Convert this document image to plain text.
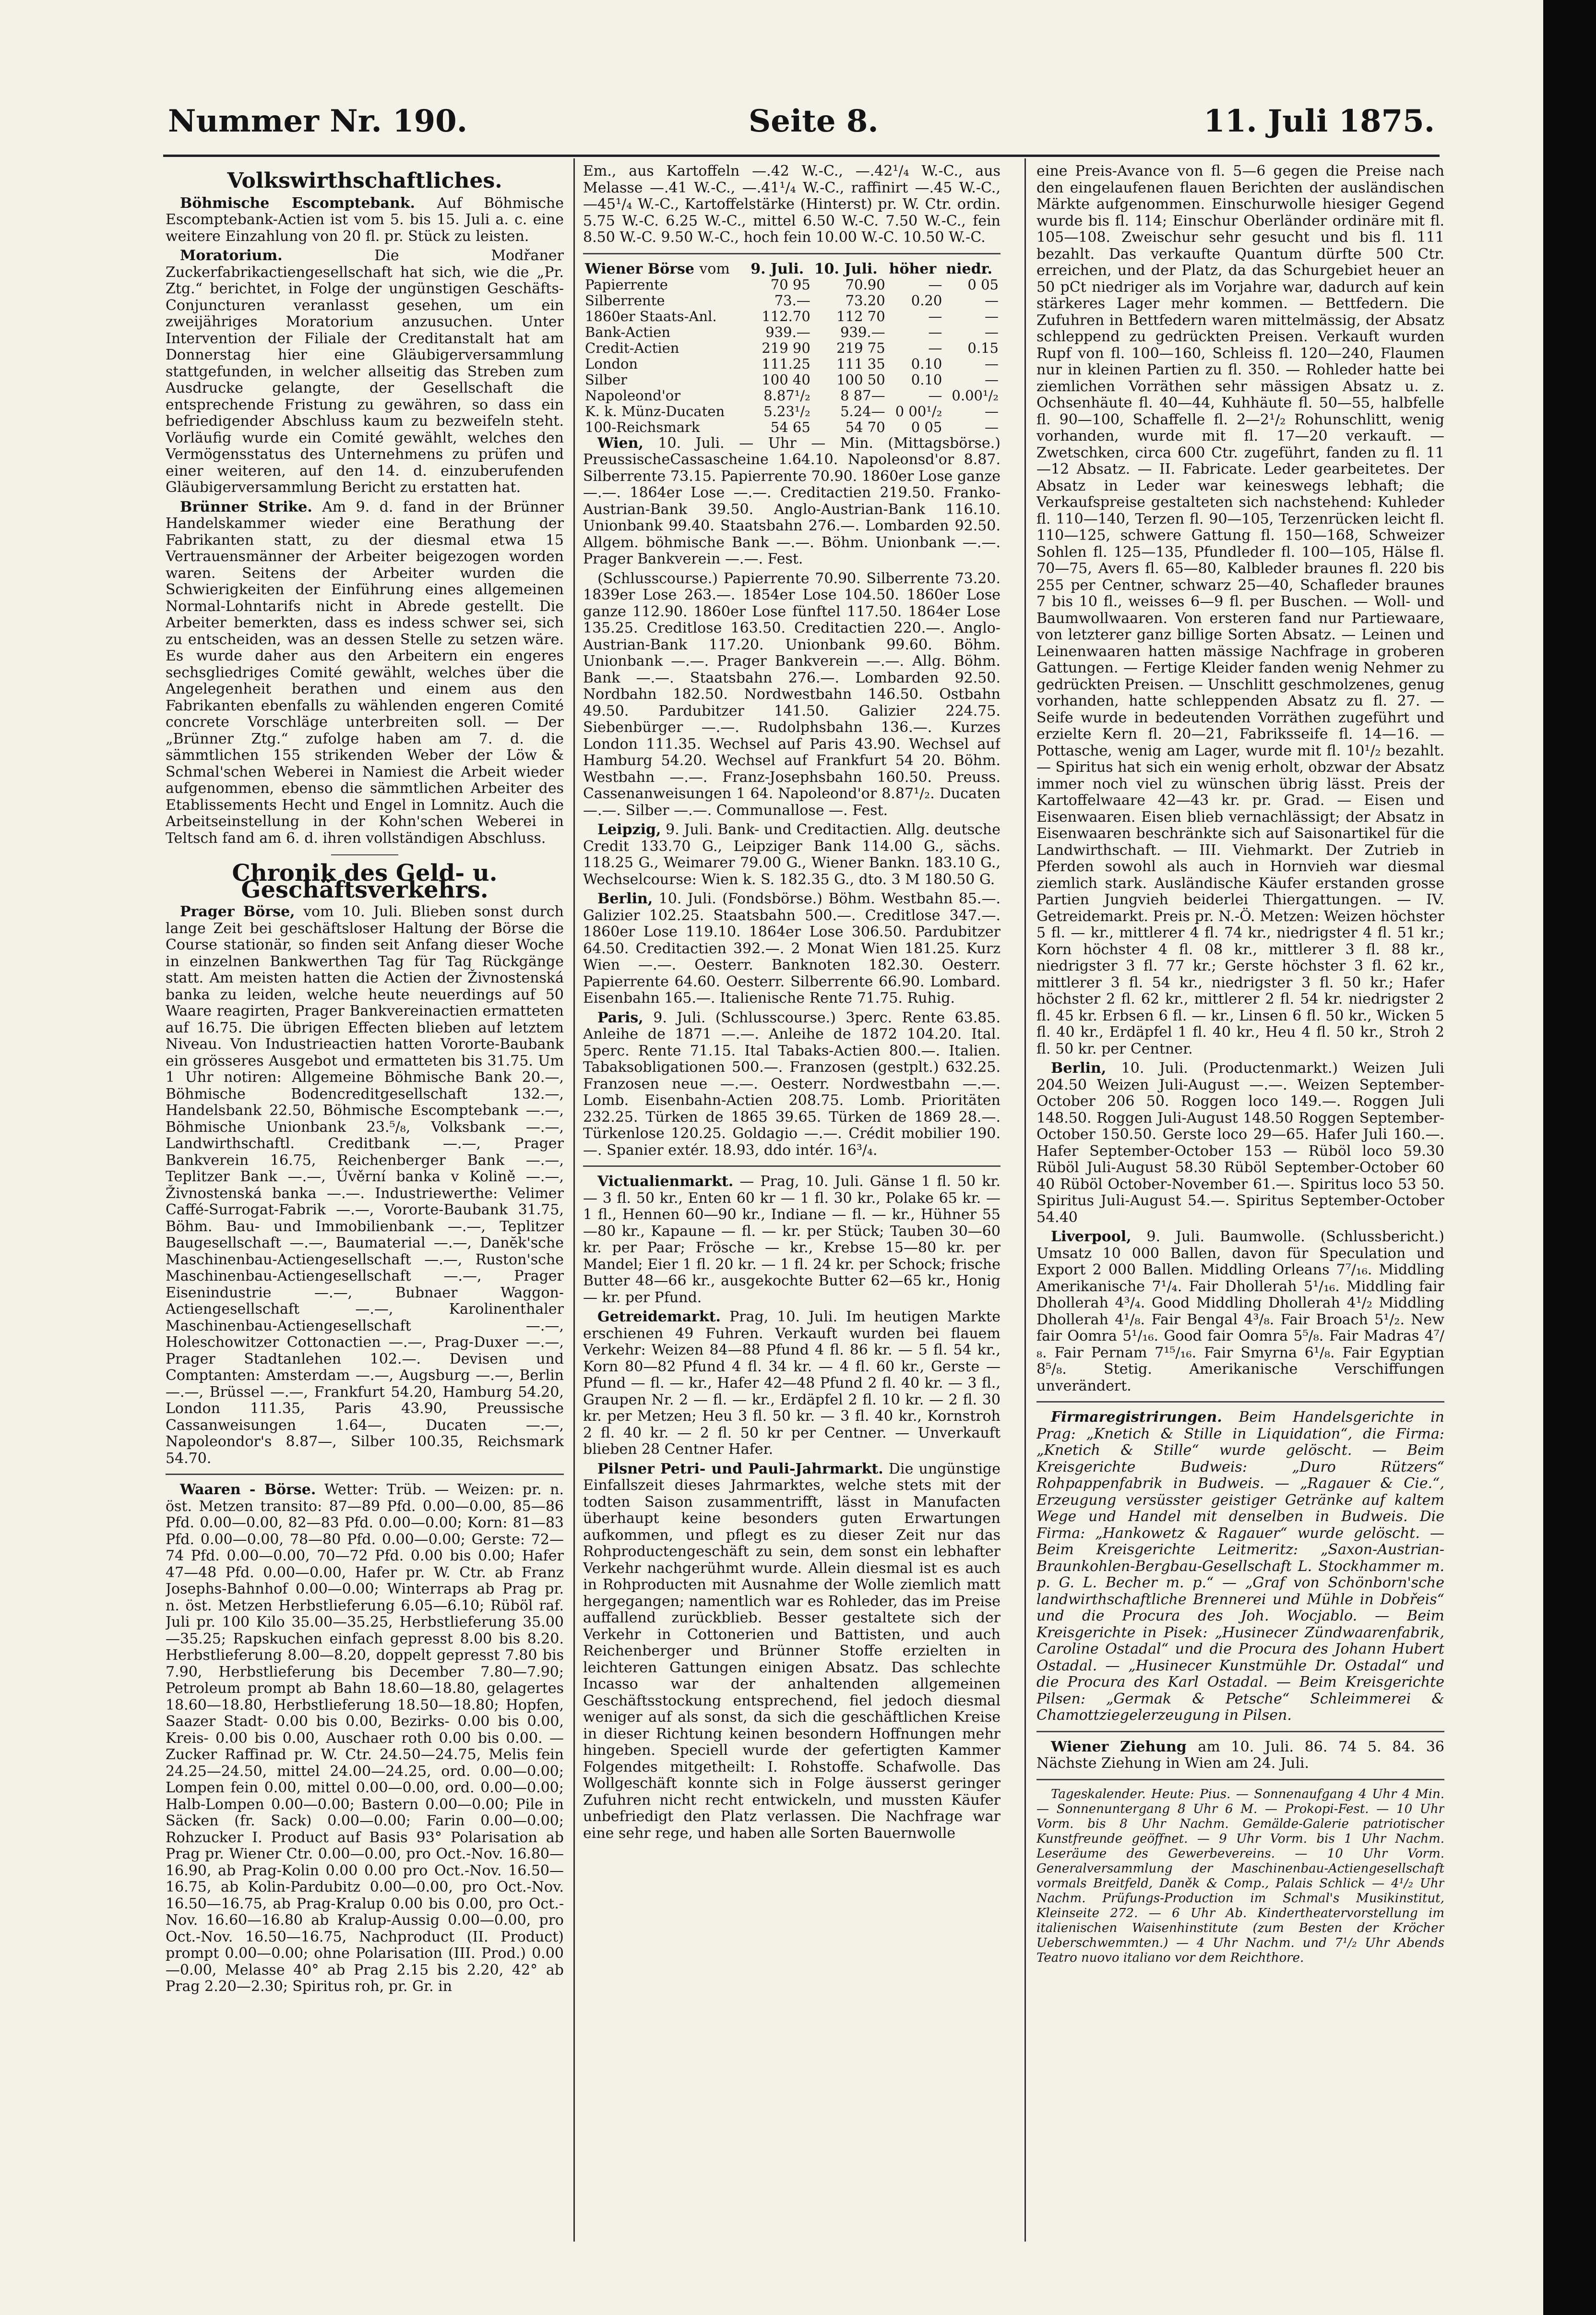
Nummer Nr. 190.	Seite 8.	11. Juli 1875.
Volkswirthschaftliches.

Böhmische Escomptebank. Auf Böhmische Escomptebank-Actien ist vom 5. bis 15. Juli a. c. eine weitere Einzahlung von 20 fl. pr. Stück zu leisten.

Moratorium.	Die Modřaner Zuckerfabrikactiengesellschaft hat sich, wie die „Pr. Ztg.“ berichtet, in Folge der ungünstigen Geschäfts-Conjuncturen veranlasst gesehen, um ein zweijähriges Moratorium anzusuchen. Unter Intervention der Filiale der Creditanstalt hat am Donnerstag hier eine Gläubigerversammlung stattgefunden, in welcher allseitig das Streben zum Ausdrucke gelangte, der Gesellschaft die entsprechende Fristung zu gewähren, so dass ein befriedigender Abschluss kaum zu bezweifeln steht. Vorläufig wurde ein Comité gewählt, welches den Vermögensstatus des Unternehmens zu prüfen und einer weiteren, auf den 14. d. einzuberufenden Gläubigerversammlung Bericht zu erstatten hat.

Brünner Strike. Am 9. d. fand in der Brünner Handelskammer wieder eine Berathung der Fabrikanten statt, zu der diesmal etwa 15 Vertrauensmänner der Arbeiter beigezogen worden waren. Seitens der Arbeiter wurden die Schwierigkeiten der Einführung eines allgemeinen Normal-Lohntarifs nicht in Abrede gestellt. Die Arbeiter bemerkten, dass es indess schwer sei, sich zu entscheiden, was an dessen Stelle zu setzen wäre. Es wurde daher aus den Arbeitern ein engeres sechsgliedriges Comité gewählt, welches über die Angelegenheit berathen und einem aus den Fabrikanten ebenfalls zu wählenden engeren Comité concrete Vorschläge unterbreiten soll. — Der „Brünner Ztg.“ zufolge haben am 7. d. die sämmtlichen 155 strikenden Weber der Löw & Schmal'schen Weberei in Namiest die Arbeit wieder aufgenommen, ebenso die sämmtlichen Arbeiter des Etablissements Hecht und Engel in Lomnitz. Auch die Arbeitseinstellung in der Kohn'schen Weberei in Teltsch fand am 6. d. ihren vollständigen Abschluss.

Chronik des Geld- u. Geschäftsverkehrs.

Prager Börse, vom 10. Juli. Blieben sonst durch lange Zeit bei geschäftsloser Haltung der Börse die Course stationär, so finden seit Anfang dieser Woche in einzelnen Bankwerthen Tag für Tag Rückgänge statt. Am meisten hatten die Actien der Živnostenská banka zu leiden, welche heute neuerdings auf 50 Waare reagirten, Prager Bankvereinactien ermatteten auf 16.75. Die übrigen Effecten blieben auf letztem Niveau. Von Industrieactien hatten Vororte-Baubank ein grösseres Ausgebot und ermatteten bis 31.75. Um 1 Uhr notiren: Allgemeine Böhmische Bank 20.—, Böhmische Bodencreditgesellschaft 132.—, Handelsbank 22.50, Böhmische Escomptebank —.—, Böhmische Unionbank 23.⁵/₈, Volksbank —.—, Landwirthschaftl. Creditbank —.—, Prager Bankverein 16.75, Reichenberger Bank —.—, Teplitzer Bank —.—, Úvěrní banka v Kolině —.—, Živnostenská banka —.—. Industriewerthe: Velimer Caffé-Surrogat-Fabrik —.—, Vororte-Baubank 31.75, Böhm. Bau- und Immobilienbank —.—, Teplitzer Baugesellschaft —.—, Baumaterial —.—, Danĕk'sche Maschinenbau-Actiengesellschaft —.—, Ruston'sche Maschinenbau-Actiengesellschaft —.—, Prager Eisenindustrie —.—, Bubnaer Waggon-Actiengesellschaft —.—, Karolinenthaler Maschinenbau-Actiengesellschaft —.—, Holeschowitzer Cottonactien —.—, Prag-Duxer —.—, Prager Stadtanlehen 102.—. Devisen und Comptanten: Amsterdam —.—, Augsburg —.—, Berlin —.—, Brüssel —.—, Frankfurt 54.20, Hamburg 54.20, London 111.35, Paris 43.90, Preussische Cassanweisungen 1.64—, Ducaten —.—, Napoleondor's 8.87—, Silber 100.35, Reichsmark 54.70.

Waaren - Börse. Wetter: Trüb. — Weizen: pr. n. öst. Metzen transito: 87—89 Pfd. 0.00—0.00, 85—86 Pfd. 0.00—0.00, 82—83 Pfd. 0.00—0.00; Korn: 81—83 Pfd. 0.00—0.00, 78—80 Pfd. 0.00—0.00; Gerste: 72—74 Pfd. 0.00—0.00, 70—72 Pfd. 0.00 bis 0.00; Hafer 47—48 Pfd. 0.00—0.00, Hafer pr. W. Ctr. ab Franz Josephs-Bahnhof 0.00—0.00; Winterraps ab Prag pr. n. öst. Metzen Herbstlieferung 6.05—6.10; Rüböl raf. Juli pr. 100 Kilo 35.00—35.25, Herbstlieferung 35.00—35.25; Rapskuchen einfach gepresst 8.00 bis 8.20. Herbstlieferung 8.00—8.20, doppelt gepresst 7.80 bis 7.90, Herbstlieferung bis December 7.80—7.90; Petroleum prompt ab Bahn 18.60—18.80, gelagertes 18.60—18.80, Herbstlieferung 18.50—18.80; Hopfen, Saazer Stadt- 0.00 bis 0.00, Bezirks- 0.00 bis 0.00, Kreis- 0.00 bis 0.00, Auschaer roth 0.00 bis 0.00. — Zucker Raffinad pr. W. Ctr. 24.50—24.75, Melis fein 24.25—24.50, mittel 24.00—24.25, ord. 0.00—0.00; Lompen fein 0.00, mittel 0.00—0.00, ord. 0.00—0.00; Halb-Lompen 0.00—0.00; Bastern 0.00—0.00; Pile in Säcken (fr. Sack) 0.00—0.00; Farin 0.00—0.00; Rohzucker I. Product auf Basis 93° Polarisation ab Prag pr. Wiener Ctr. 0.00—0.00, pro Oct.-Nov. 16.80—16.90, ab Prag-Kolin 0.00 0.00 pro Oct.-Nov. 16.50—16.75, ab Kolin-Pardubitz 0.00—0.00, pro Oct.-Nov. 16.50—16.75, ab Prag-Kralup 0.00 bis 0.00, pro Oct.-Nov. 16.60—16.80 ab Kralup-Aussig 0.00—0.00, pro Oct.-Nov. 16.50—16.75, Nachproduct (II. Product) prompt 0.00—0.00; ohne Polarisation (III. Prod.) 0.00—0.00, Melasse 40° ab Prag 2.15 bis 2.20, 42° ab Prag 2.20—2.30; Spiritus roh, pr. Gr. in

Em., aus Kartoffeln —.42 W.-C., —.42¹/₄ W.-C., aus Melasse —.41 W.-C., —.41¹/₄ W.-C., raffinirt —.45 W.-C., —45¹/₄ W.-C., Kartoffelstärke (Hinterst) pr. W. Ctr. ordin. 5.75 W.-C. 6.25 W.-C., mittel 6.50 W.-C. 7.50 W.-C., fein 8.50 W.-C. 9.50 W.-C., hoch fein 10.00 W.-C. 10.50 W.-C.

Wiener Börse vom	9. Juli.	10. Juli.	höher	niedr.
Papierrente	70 95	70.90	—	0 05
Silberrente	73.—	73.20	0.20	—
1860er Staats-Anl.	112.70	112 70	—	—
Bank-Actien	939.—	939.—	—	—
Credit-Actien	219 90	219 75	—	0.15
London	111.25	111 35	0.10	—
Silber	100 40	100 50	0.10	—
Napoleond'or	8.87¹/₂	8 87—	—	0.00¹/₂
K. k. Münz-Ducaten	5.23¹/₂	5.24—	0 00¹/₂	—
100-Reichsmark	54 65	54 70	0 05	—

Wien, 10. Juli. — Uhr — Min. (Mittagsbörse.) PreussischeCassascheine 1.64.10. Napoleonsd'or 8.87. Silberrente 73.15. Papierrente 70.90. 1860er Lose ganze —.—. 1864er Lose —.—. Creditactien 219.50. Franko-Austrian-Bank 39.50. Anglo-Austrian-Bank 116.10. Unionbank 99.40. Staatsbahn 276.—. Lombarden 92.50. Allgem. böhmische Bank —.—. Böhm. Unionbank —.—. Prager Bankverein —.—. Fest.

(Schlusscourse.) Papierrente 70.90. Silberrente 73.20. 1839er Lose 263.—. 1854er Lose 104.50. 1860er Lose ganze 112.90. 1860er Lose fünftel 117.50. 1864er Lose 135.25. Creditlose 163.50. Creditactien 220.—. Anglo-Austrian-Bank 117.20. Unionbank 99.60. Böhm. Unionbank —.—. Prager Bankverein —.—. Allg. Böhm. Bank —.—. Staatsbahn 276.—. Lombarden 92.50. Nordbahn 182.50. Nordwestbahn 146.50. Ostbahn 49.50. Pardubitzer 141.50. Galizier 224.75. Siebenbürger —.—. Rudolphsbahn 136.—. Kurzes London 111.35. Wechsel auf Paris 43.90. Wechsel auf Hamburg 54.20. Wechsel auf Frankfurt 54 20. Böhm. Westbahn —.—. Franz-Josephsbahn 160.50. Preuss. Cassenanweisungen 1 64. Napoleond'or 8.87¹/₂. Ducaten —.—. Silber —.—. Communallose —. Fest.

Leipzig, 9. Juli. Bank- und Creditactien. Allg. deutsche Credit 133.70 G., Leipziger Bank 114.00 G., sächs. 118.25 G., Weimarer 79.00 G., Wiener Bankn. 183.10 G., Wechselcourse: Wien k. S. 182.35 G., dto. 3 M 180.50 G.

Berlin, 10. Juli. (Fondsbörse.) Böhm. Westbahn 85.—. Galizier 102.25. Staatsbahn 500.—. Creditlose 347.—. 1860er Lose 119.10. 1864er Lose 306.50. Pardubitzer 64.50. Creditactien 392.—. 2 Monat Wien 181.25. Kurz Wien —.—. Oesterr. Banknoten 182.30. Oesterr. Papierrente 64.60. Oesterr. Silberrente 66.90. Lombard. Eisenbahn 165.—. Italienische Rente 71.75. Ruhig.

Paris, 9. Juli. (Schlusscourse.) 3perc. Rente 63.85. Anleihe de 1871 —.—. Anleihe de 1872 104.20. Ital. 5perc. Rente 71.15. Ital Tabaks-Actien 800.—. Italien. Tabaksobligationen 500.—. Franzosen (gestplt.) 632.25. Franzosen neue —.—. Oesterr. Nordwestbahn —.—. Lomb. Eisenbahn-Actien 208.75. Lomb. Prioritäten 232.25. Türken de 1865 39.65. Türken de 1869 28.—. Türkenlose 120.25. Goldagio —.—. Crédit mobilier 190.—. Spanier extér. 18.93, ddo intér. 16³/₄.

Victualienmarkt. — Prag, 10. Juli. Gänse 1 fl. 50 kr. — 3 fl. 50 kr., Enten 60 kr — 1 fl. 30 kr., Polake 65 kr. — 1 fl., Hennen 60—90 kr., Indiane — fl. — kr., Hühner 55—80 kr., Kapaune — fl. — kr. per Stück; Tauben 30—60 kr. per Paar; Frösche — kr., Krebse 15—80 kr. per Mandel; Eier 1 fl. 20 kr. — 1 fl. 24 kr. per Schock; frische Butter 48—66 kr., ausgekochte Butter 62—65 kr., Honig — kr. per Pfund.

Getreidemarkt. Prag, 10. Juli. Im heutigen Markte erschienen 49 Fuhren. Verkauft wurden bei flauem Verkehr: Weizen 84—88 Pfund 4 fl. 86 kr. — 5 fl. 54 kr., Korn 80—82 Pfund 4 fl. 34 kr. — 4 fl. 60 kr., Gerste — Pfund — fl. — kr., Hafer 42—48 Pfund 2 fl. 40 kr. — 3 fl., Graupen Nr. 2 — fl. — kr., Erdäpfel 2 fl. 10 kr. — 2 fl. 30 kr. per Metzen; Heu 3 fl. 50 kr. — 3 fl. 40 kr., Kornstroh 2 fl. 40 kr. — 2 fl. 50 kr per Centner. — Unverkauft blieben 28 Centner Hafer.

Pilsner Petri- und Pauli-Jahrmarkt. Die ungünstige Einfallszeit dieses Jahrmarktes, welche stets mit der todten Saison zusammentrifft, lässt in Manufacten überhaupt keine besonders guten Erwartungen aufkommen, und pflegt es zu dieser Zeit nur das Rohproductengeschäft zu sein, dem sonst ein lebhafter Verkehr nachgerühmt wurde. Allein diesmal ist es auch in Rohproducten mit Ausnahme der Wolle ziemlich matt hergegangen; namentlich war es Rohleder, das im Preise auffallend zurückblieb. Besser gestaltete sich der Verkehr in Cottonerien und Battisten, und auch Reichenberger und Brünner Stoffe erzielten in leichteren Gattungen einigen Absatz. Das schlechte Incasso war der anhaltenden allgemeinen Geschäftsstockung entsprechend, fiel jedoch diesmal weniger auf als sonst, da sich die geschäftlichen Kreise in dieser Richtung keinen besondern Hoffnungen mehr hingeben. Speciell wurde der gefertigten Kammer Folgendes mitgetheilt: I. Rohstoffe. Schafwolle. Das Wollgeschäft konnte sich in Folge äusserst geringer Zufuhren nicht recht entwickeln, und mussten Käufer unbefriedigt den Platz verlassen. Die Nachfrage war eine sehr rege, und haben alle Sorten Bauernwolle

eine Preis-Avance von fl. 5—6 gegen die Preise nach den eingelaufenen flauen Berichten der ausländischen Märkte aufgenommen. Einschurwolle hiesiger Gegend wurde bis fl. 114; Einschur Oberländer ordinäre mit fl. 105—108. Zweischur sehr gesucht und bis fl. 111 bezahlt. Das verkaufte Quantum dürfte 500 Ctr. erreichen, und der Platz, da das Schurgebiet heuer an 50 pCt niedriger als im Vorjahre war, dadurch auf kein stärkeres Lager mehr kommen. — Bettfedern. Die Zufuhren in Bettfedern waren mittelmässig, der Absatz schleppend zu gedrückten Preisen. Verkauft wurden Rupf von fl. 100—160, Schleiss fl. 120—240, Flaumen nur in kleinen Partien zu fl. 350. — Rohleder hatte bei ziemlichen Vorräthen sehr mässigen Absatz u. z. Ochsenhäute fl. 40—44, Kuhhäute fl. 50—55, halbfelle fl. 90—100, Schaffelle fl. 2—2¹/₂ Rohunschlitt, wenig vorhanden, wurde mit fl. 17—20 verkauft. — Zwetschken, circa 600 Ctr. zugeführt, fanden zu fl. 11—12 Absatz. — II. Fabricate. Leder gearbeitetes. Der Absatz in Leder war keineswegs lebhaft; die Verkaufspreise gestalteten sich nachstehend: Kuhleder fl. 110—140, Terzen fl. 90—105, Terzenrücken leicht fl. 110—125, schwere Gattung fl. 150—168, Schweizer Sohlen fl. 125—135, Pfundleder fl. 100—105, Hälse fl. 70—75, Avers fl. 65—80, Kalbleder braunes fl. 220 bis 255 per Centner, schwarz 25—40, Schafleder braunes 7 bis 10 fl., weisses 6—9 fl. per Buschen. — Woll- und Baumwollwaaren. Von ersteren fand nur Partiewaare, von letzterer ganz billige Sorten Absatz. — Leinen und Leinenwaaren hatten mässige Nachfrage in groberen Gattungen. — Fertige Kleider fanden wenig Nehmer zu gedrückten Preisen. — Unschlitt geschmolzenes, genug vorhanden, hatte schleppenden Absatz zu fl. 27. — Seife wurde in bedeutenden Vorräthen zugeführt und erzielte Kern fl. 20—21, Fabriksseife fl. 14—16. — Pottasche, wenig am Lager, wurde mit fl. 10¹/₂ bezahlt. — Spiritus hat sich ein wenig erholt, obzwar der Absatz immer noch viel zu wünschen übrig lässt. Preis der Kartoffelwaare 42—43 kr. pr. Grad. — Eisen und Eisenwaaren. Eisen blieb vernachlässigt; der Absatz in Eisenwaaren beschränkte sich auf Saisonartikel für die Landwirthschaft. — III. Viehmarkt. Der Zutrieb in Pferden sowohl als auch in Hornvieh war diesmal ziemlich stark. Ausländische Käufer erstanden grosse Partien Jungvieh beiderlei Thiergattungen. — IV. Getreidemarkt. Preis pr. N.-Ö. Metzen: Weizen höchster 5 fl. — kr., mittlerer 4 fl. 74 kr., niedrigster 4 fl. 51 kr.; Korn höchster 4 fl. 08 kr., mittlerer 3 fl. 88 kr., niedrigster 3 fl. 77 kr.; Gerste höchster 3 fl. 62 kr., mittlerer 3 fl. 54 kr., niedrigster 3 fl. 50 kr.; Hafer höchster 2 fl. 62 kr., mittlerer 2 fl. 54 kr. niedrigster 2 fl. 45 kr. Erbsen 6 fl. — kr., Linsen 6 fl. 50 kr., Wicken 5 fl. 40 kr., Erdäpfel 1 fl. 40 kr., Heu 4 fl. 50 kr., Stroh 2 fl. 50 kr. per Centner.

Berlin, 10. Juli. (Productenmarkt.) Weizen Juli 204.50 Weizen Juli-August —.—. Weizen September-October 206 50. Roggen loco 149.—. Roggen Juli 148.50. Roggen Juli-August 148.50 Roggen September-October 150.50. Gerste loco 29—65. Hafer Juli 160.—. Hafer September-October 153 — Rüböl loco 59.30 Rüböl Juli-August 58.30 Rüböl September-October 60 40 Rüböl October-November 61.—. Spiritus loco 53 50. Spiritus Juli-August 54.—. Spiritus September-October 54.40

Liverpool, 9. Juli. Baumwolle. (Schlussbericht.) Umsatz 10 000 Ballen, davon für Speculation und Export 2 000 Ballen. Middling Orleans 7⁷/₁₆. Middling Amerikanische 7¹/₄. Fair Dhollerah 5¹/₁₆. Middling fair Dhollerah 4³/₄. Good Middling Dhollerah 4¹/₂ Middling Dhollerah 4¹/₈. Fair Bengal 4³/₈. Fair Broach 5¹/₂. New fair Oomra 5¹/₁₆. Good fair Oomra 5⁵/₈. Fair Madras 4⁷/₈. Fair Pernam 7¹⁵/₁₆. Fair Smyrna 6¹/₈. Fair Egyptian 8⁵/₈. Stetig. Amerikanische Verschiffungen unverändert.

Firmaregistrirungen. Beim Handelsgerichte in Prag: „Knetich & Stille in Liquidation“, die Firma: „Knetich & Stille“ wurde gelöscht. — Beim Kreisgerichte Budweis: „Duro Rützers“ Rohpappenfabrik in Budweis. — „Ragauer & Cie.“, Erzeugung versüsster geistiger Getränke auf kaltem Wege und Handel mit denselben in Budweis. Die Firma: „Hankowetz & Ragauer“ wurde gelöscht. — Beim Kreisgerichte Leitmeritz: „Saxon-Austrian-Braunkohlen-Bergbau-Gesellschaft L. Stockhammer m. p. G. L. Becher m. p.“ — „Graf von Schönborn'sche landwirthschaftliche Brennerei und Mühle in Dobřeis“ und die Procura des Joh. Wocjablo. — Beim Kreisgerichte in Pisek: „Husinecer Zündwaarenfabrik, Caroline Ostadal“ und die Procura des Johann Hubert Ostadal. — „Husinecer Kunstmühle Dr. Ostadal“ und die Procura des Karl Ostadal. — Beim Kreisgerichte Pilsen: „Germak & Petsche“ Schleimmerei & Chamottziegelerzeugung in Pilsen.

Wiener Ziehung am 10. Juli. 86. 74 5. 84. 36 Nächste Ziehung in Wien am 24. Juli.

Tageskalender. Heute: Pius. — Sonnenaufgang 4 Uhr 4 Min. — Sonnenuntergang 8 Uhr 6 M. — Prokopi-Fest. — 10 Uhr Vorm. bis 8 Uhr Nachm. Gemälde-Galerie patriotischer Kunstfreunde geöffnet. — 9 Uhr Vorm. bis 1 Uhr Nachm. Leseräume des Gewerbevereins. — 10 Uhr Vorm. Generalversammlung der Maschinenbau-Actiengesellschaft vormals Breitfeld, Daněk & Comp., Palais Schlick — 4¹/₂ Uhr Nachm. Prüfungs-Production im Schmal's Musikinstitut, Kleinseite 272. — 6 Uhr Ab. Kindertheatervorstellung im italienischen Waisenhinstitute (zum Besten der Kröcher Ueberschwemmten.) — 4 Uhr Nachm. und 7¹/₂ Uhr Abends Teatro nuovo italiano vor dem Reichthore.
